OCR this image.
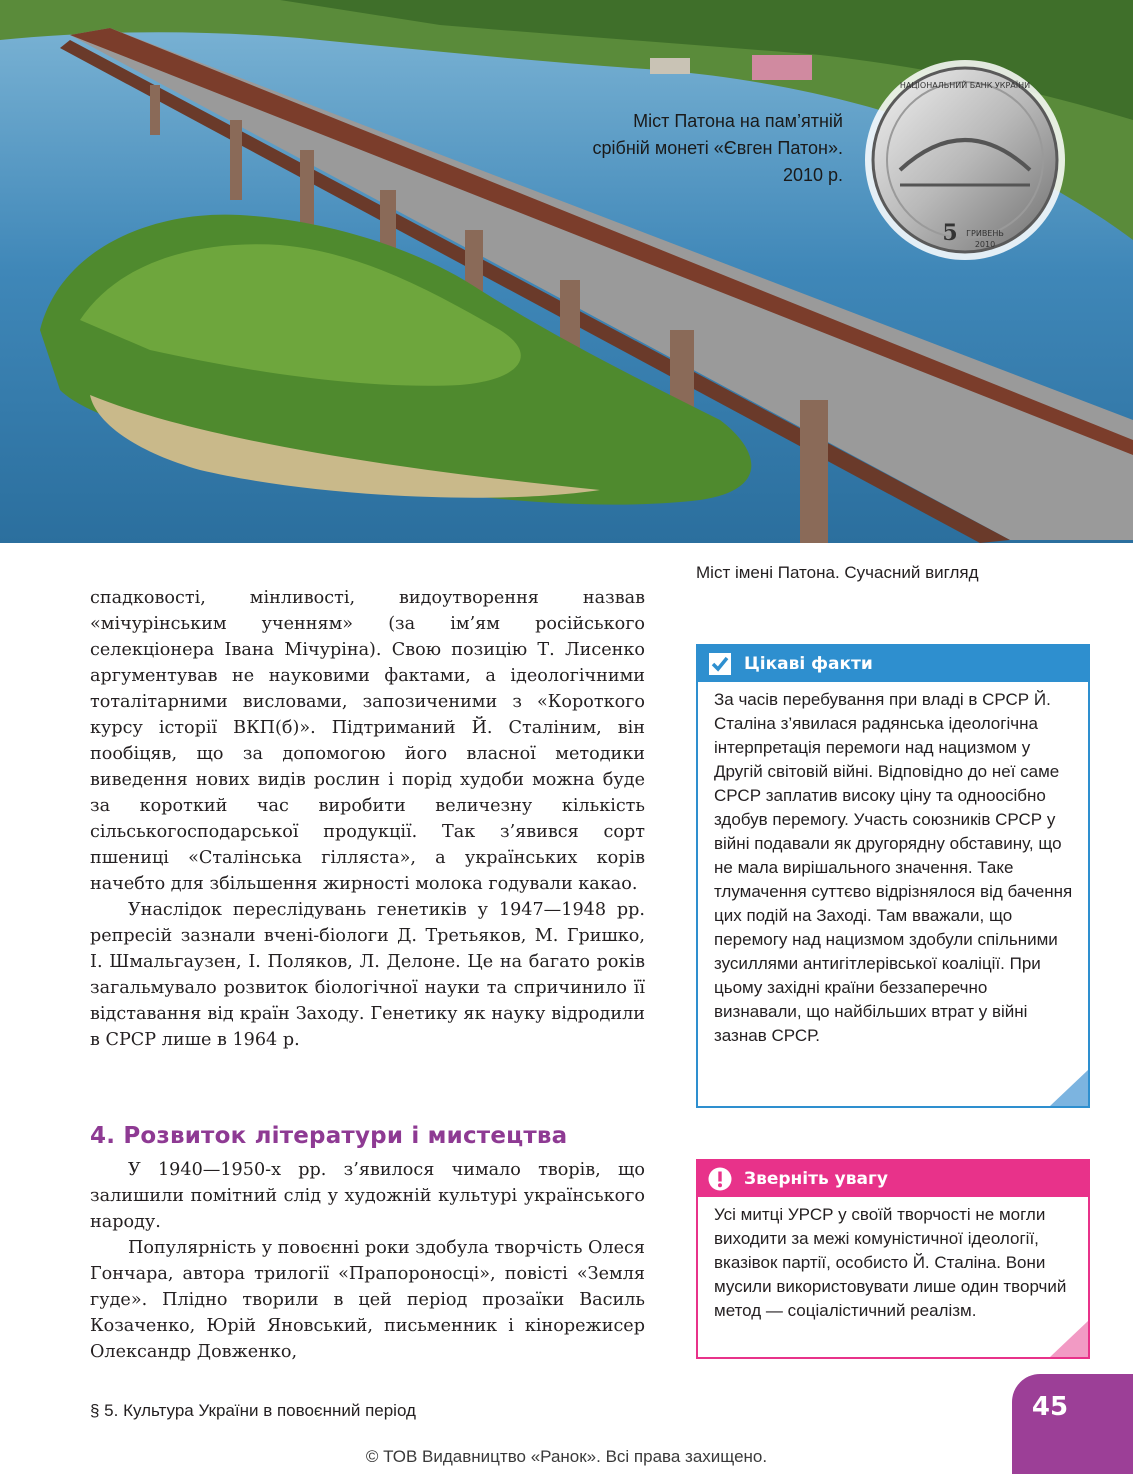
НАЦІОНАЛЬНИЙ БАНК УКРАЇНИ
5 ГРИВЕНЬ
2010
Міст Патона на пам’ятній срібній монеті «Євген Патон». 2010 р.
Міст імені Патона. Сучасний вигляд

спадковості, мінливості, видоутворення назвав «мічурінським ученням» (за ім’ям російського селекціонера Івана Мічуріна). Свою позицію Т. Лисенко аргументував не науковими фактами, а ідеологічними тоталітарними висловами, запозиченими з «Короткого курсу історії ВКП(б)». Підтриманий Й. Сталіним, він пообіцяв, що за допомогою його власної методики виведення нових видів рослин і порід худоби можна буде за короткий час виробити величезну кількість сільськогосподарської продукції. Так з’явився сорт пшениці «Сталінська гілляста», а українських корів начебто для збільшення жирності молока годували какао.

Унаслідок переслідувань генетиків у 1947—1948 рр. репресій зазнали вчені-біологи Д. Третьяков, М. Гришко, І. Шмальгаузен, І. Поляков, Л. Делоне. Це на багато років загальмувало розвиток біологічної науки та спричинило її відставання від країн Заходу. Генетику як науку відродили в СРСР лише в 1964 р.

4. Розвиток літератури і мистецтва

У 1940—1950-х рр. з’явилося чимало творів, що залишили помітний слід у художній культурі українського народу.

Популярність у повоєнні роки здобула творчість Олеся Гончара, автора трилогії «Прапороносці», повісті «Земля гуде». Плідно творили в цей період прозаїки Василь Козаченко, Юрій Яновський, письменник і кінорежисер Олександр Довженко,

Цікаві факти

За часів перебування при владі в СРСР Й. Сталіна з’явилася радянська ідеологічна інтерпретація перемоги над нацизмом у Другій світовій війні. Відповідно до неї саме СРСР заплатив високу ціну та одноосібно здобув перемогу. Участь союзників СРСР у війні подавали як другорядну обставину, що не мала вирішального значення. Таке тлумачення суттєво відрізнялося від бачення цих подій на Заході. Там вважали, що перемогу над нацизмом здобули спільними зусиллями антигітлерівської коаліції. При цьому західні країни беззаперечно визнавали, що найбільших втрат у війні зазнав СРСР.

Зверніть увагу

Усі митці УРСР у своїй творчості не могли виходити за межі комуністичної ідеології, вказівок партії, особисто Й. Сталіна. Вони мусили використовувати лише один творчий метод — соціалістичний реалізм.

§ 5. Культура України в повоєнний період	45
© ТОВ Видавництво «Ранок». Всі права захищено.
